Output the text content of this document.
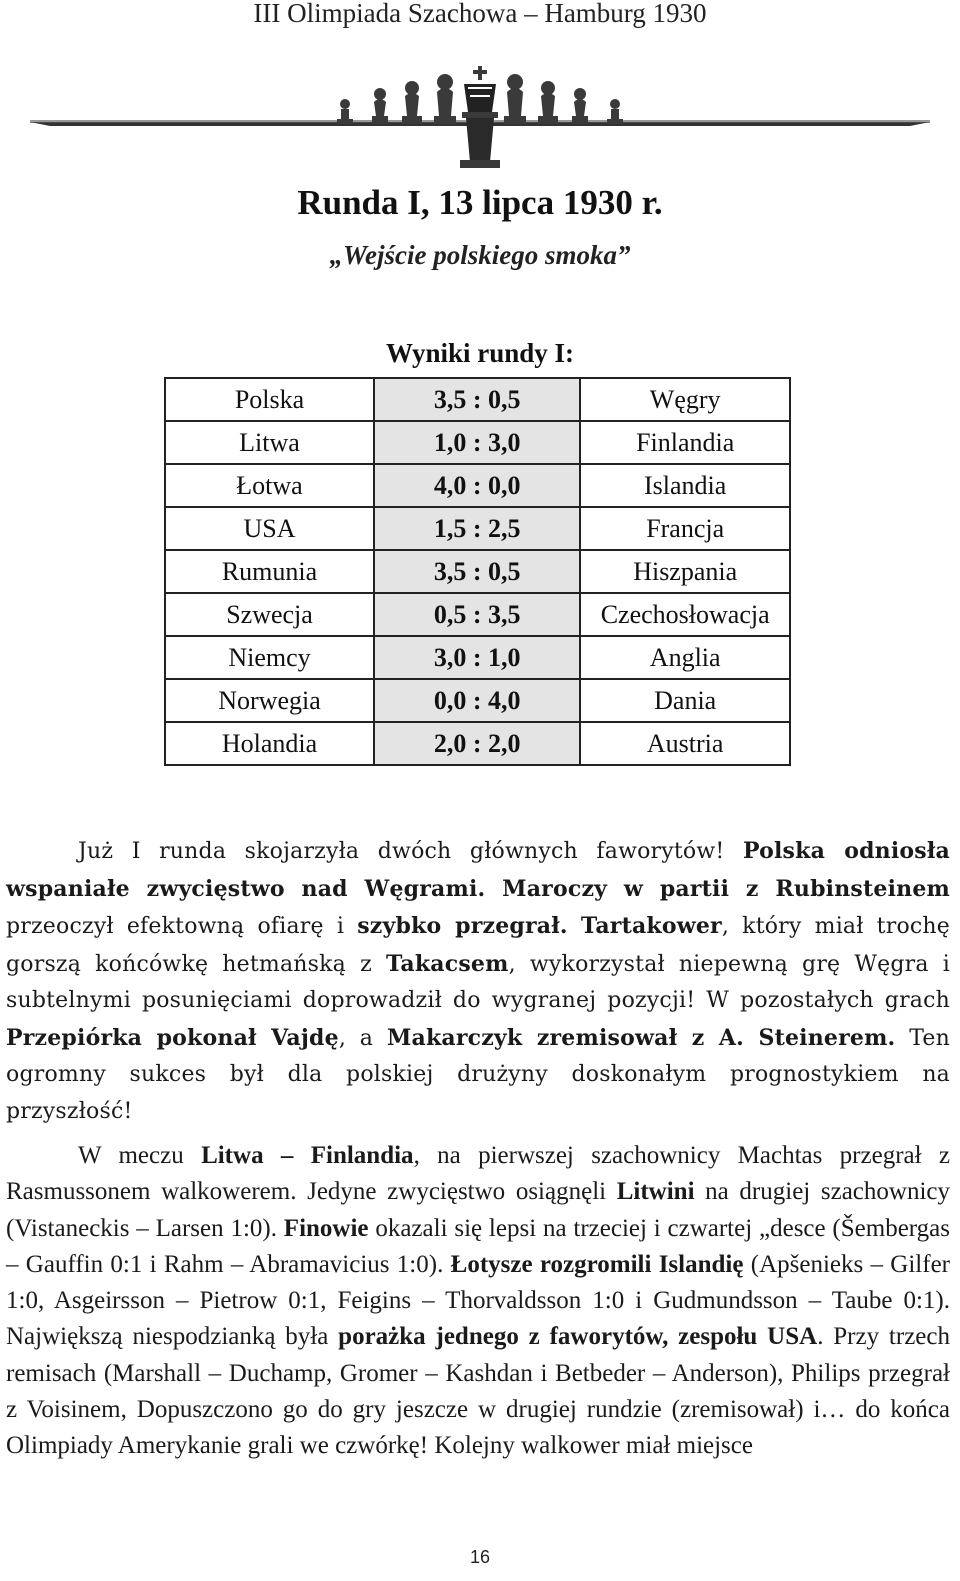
III Olimpiada Szachowa – Hamburg 1930
Runda I, 13 lipca 1930 r.
„Wejście polskiego smoka”
Wyniki rundy I:
Polska	3,5 : 0,5	Węgry
Litwa	1,0 : 3,0	Finlandia
Łotwa	4,0 : 0,0	Islandia
USA	1,5 : 2,5	Francja
Rumunia	3,5 : 0,5	Hiszpania
Szwecja	0,5 : 3,5	Czechosłowacja
Niemcy	3,0 : 1,0	Anglia
Norwegia	0,0 : 4,0	Dania
Holandia	2,0 : 2,0	Austria
Już I runda skojarzyła dwóch głównych faworytów! Polska odniosła wspaniałe zwycięstwo nad Węgrami. Maroczy w partii z Rubinsteinem przeoczył efektowną ofiarę i szybko przegrał. Tartakower, który miał trochę gorszą końcówkę hetmańską z Takacsem, wykorzystał niepewną grę Węgra i subtelnymi posunięciami doprowadził do wygranej pozycji! W pozostałych grach Przepiórka pokonał Vajdę, a Makarczyk zremisował z A. Steinerem. Ten ogromny sukces był dla polskiej drużyny doskonałym prognostykiem na przyszłość!
W meczu Litwa – Finlandia, na pierwszej szachownicy Machtas przegrał z Rasmussonem walkowerem. Jedyne zwycięstwo osiągnęli Litwini na drugiej szachownicy (Vistaneckis – Larsen 1:0). Finowie okazali się lepsi na trzeciej i czwartej „desce (Šembergas – Gauffin 0:1 i Rahm – Abramavicius 1:0). Łotysze rozgromili Islandię (Apšenieks – Gilfer 1:0, Asgeirsson – Pietrow 0:1, Feigins – Thorvaldsson 1:0 i Gudmundsson – Taube 0:1). Największą niespodzianką była porażka jednego z faworytów, zespołu USA. Przy trzech remisach (Marshall – Duchamp, Gromer – Kashdan i Betbeder – Anderson), Philips przegrał z Voisinem, Dopuszczono go do gry jeszcze w drugiej rundzie (zremisował) i… do końca Olimpiady Amerykanie grali we czwórkę! Kolejny walkower miał miejsce
16
